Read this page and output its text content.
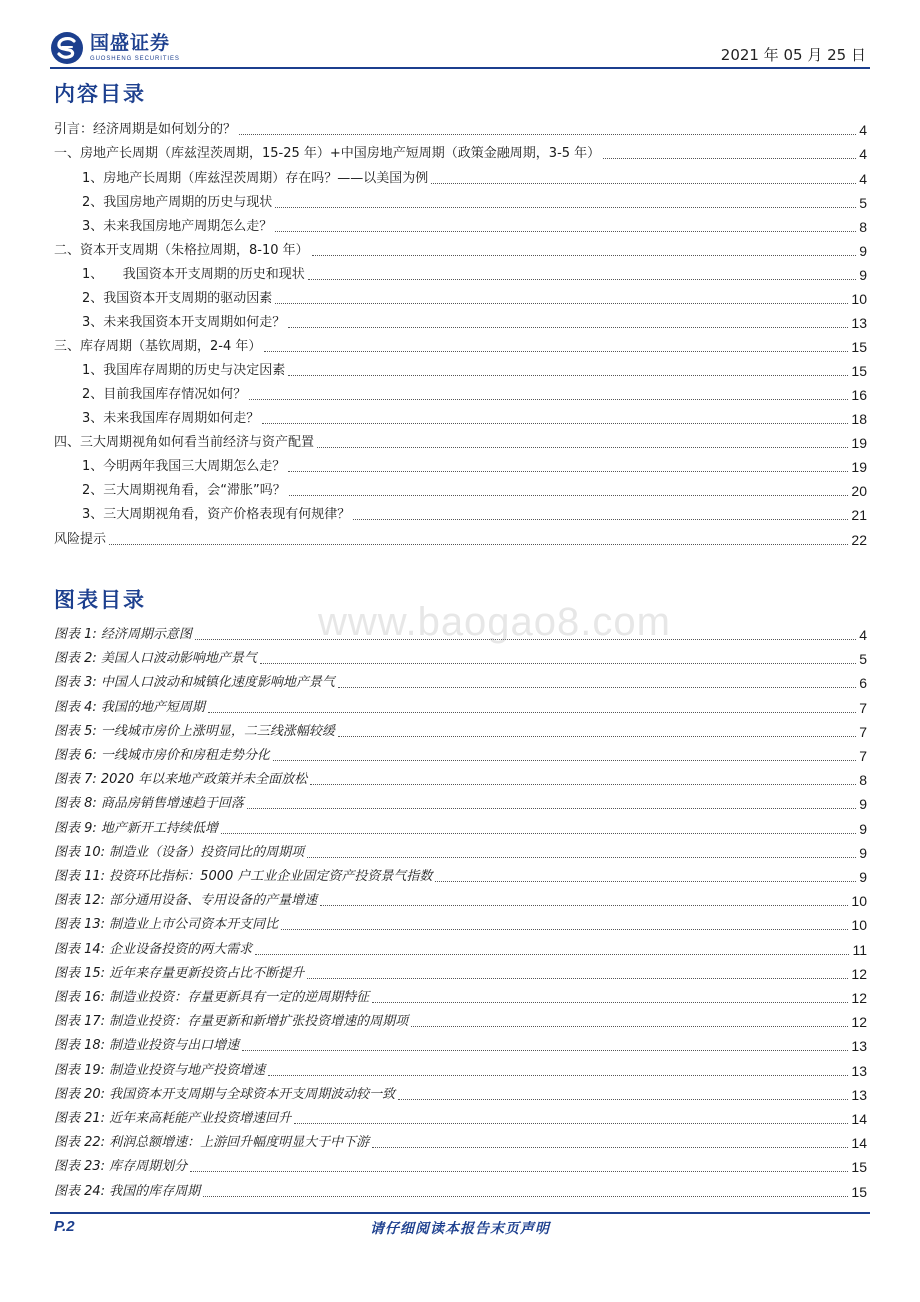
国盛证券
GUOSHENG SECURITIES	2021 年 05 月 25 日
内容目录
引言：经济周期是如何划分的？	4
一、房地产长周期（库兹涅茨周期，15-25 年）+中国房地产短周期（政策金融周期，3-5 年）	4
1、房地产长周期（库兹涅茨周期）存在吗？——以美国为例	4
2、我国房地产周期的历史与现状	5
3、未来我国房地产周期怎么走？	8
二、资本开支周期（朱格拉周期，8-10 年）	9
1、　　我国资本开支周期的历史和现状	9
2、我国资本开支周期的驱动因素	10
3、未来我国资本开支周期如何走？	13
三、库存周期（基钦周期，2-4 年）	15
1、我国库存周期的历史与决定因素	15
2、目前我国库存情况如何？	16
3、未来我国库存周期如何走？	18
四、三大周期视角如何看当前经济与资产配置	19
1、今明两年我国三大周期怎么走？	19
2、三大周期视角看，会“滞胀”吗？	20
3、三大周期视角看，资产价格表现有何规律？	21
风险提示	22
图表目录
图表 1: 经济周期示意图	4
图表 2: 美国人口波动影响地产景气	5
图表 3: 中国人口波动和城镇化速度影响地产景气	6
图表 4: 我国的地产短周期	7
图表 5: 一线城市房价上涨明显，二三线涨幅较缓	7
图表 6: 一线城市房价和房租走势分化	7
图表 7: 2020 年以来地产政策并未全面放松	8
图表 8: 商品房销售增速趋于回落	9
图表 9: 地产新开工持续低增	9
图表 10: 制造业（设备）投资同比的周期项	9
图表 11: 投资环比指标：5000 户工业企业固定资产投资景气指数	9
图表 12: 部分通用设备、专用设备的产量增速	10
图表 13: 制造业上市公司资本开支同比	10
图表 14: 企业设备投资的两大需求	11
图表 15: 近年来存量更新投资占比不断提升	12
图表 16: 制造业投资：存量更新具有一定的逆周期特征	12
图表 17: 制造业投资：存量更新和新增扩张投资增速的周期项	12
图表 18: 制造业投资与出口增速	13
图表 19: 制造业投资与地产投资增速	13
图表 20: 我国资本开支周期与全球资本开支周期波动较一致	13
图表 21: 近年来高耗能产业投资增速回升	14
图表 22: 利润总额增速：上游回升幅度明显大于中下游	14
图表 23: 库存周期划分	15
图表 24: 我国的库存周期	15
www.baogao8.com
P.2	请仔细阅读本报告末页声明
